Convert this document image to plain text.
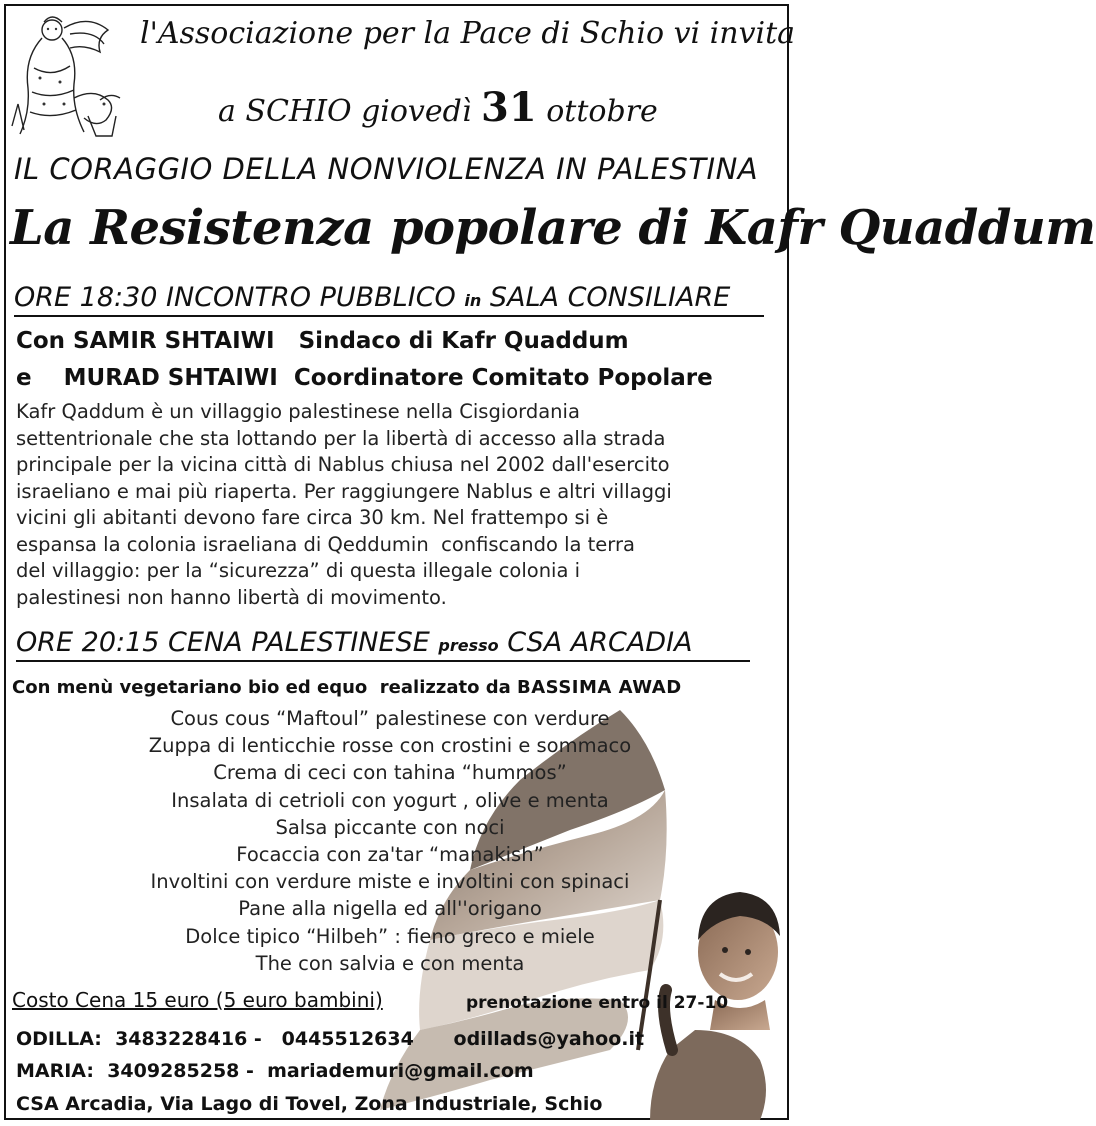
l'Associazione per la Pace di Schio vi invita
a SCHIO giovedì 31 ottobre
IL CORAGGIO DELLA NONVIOLENZA IN PALESTINA
La Resistenza popolare di Kafr Quaddum
ORE 18:30 INCONTRO PUBBLICO in SALA CONSILIARE
Con SAMIR SHTAIWI   Sindaco di Kafr Quaddum
e    MURAD SHTAIWI  Coordinatore Comitato Popolare
Kafr Qaddum è un villaggio palestinese nella Cisgiordania
settentrionale che sta lottando per la libertà di accesso alla strada
principale per la vicina città di Nablus chiusa nel 2002 dall'esercito
israeliano e mai più riaperta. Per raggiungere Nablus e altri villaggi
vicini gli abitanti devono fare circa 30 km. Nel frattempo si è
espansa la colonia israeliana di Qeddumin  confiscando la terra
del villaggio: per la “sicurezza” di questa illegale colonia i
palestinesi non hanno libertà di movimento.
ORE 20:15 CENA PALESTINESE presso CSA ARCADIA
Con menù vegetariano bio ed equo  realizzato da BASSIMA AWAD
Cous cous “Maftoul” palestinese con verdure
Zuppa di lenticchie rosse con crostini e sommaco
Crema di ceci con tahina “hummos”
Insalata di cetrioli con yogurt , olive e menta
Salsa piccante con noci
Focaccia con za'tar “manakish”
Involtini con verdure miste e involtini con spinaci
Pane alla nigella ed all''origano
Dolce tipico “Hilbeh” : fieno greco e miele
The con salvia e con menta
Costo Cena 15 euro (5 euro bambini)	prenotazione entro il 27-10
ODILLA:  3483228416 -   0445512634      odillads@yahoo.it
MARIA:  3409285258 -  mariademuri@gmail.com
CSA Arcadia, Via Lago di Tovel, Zona Industriale, Schio
